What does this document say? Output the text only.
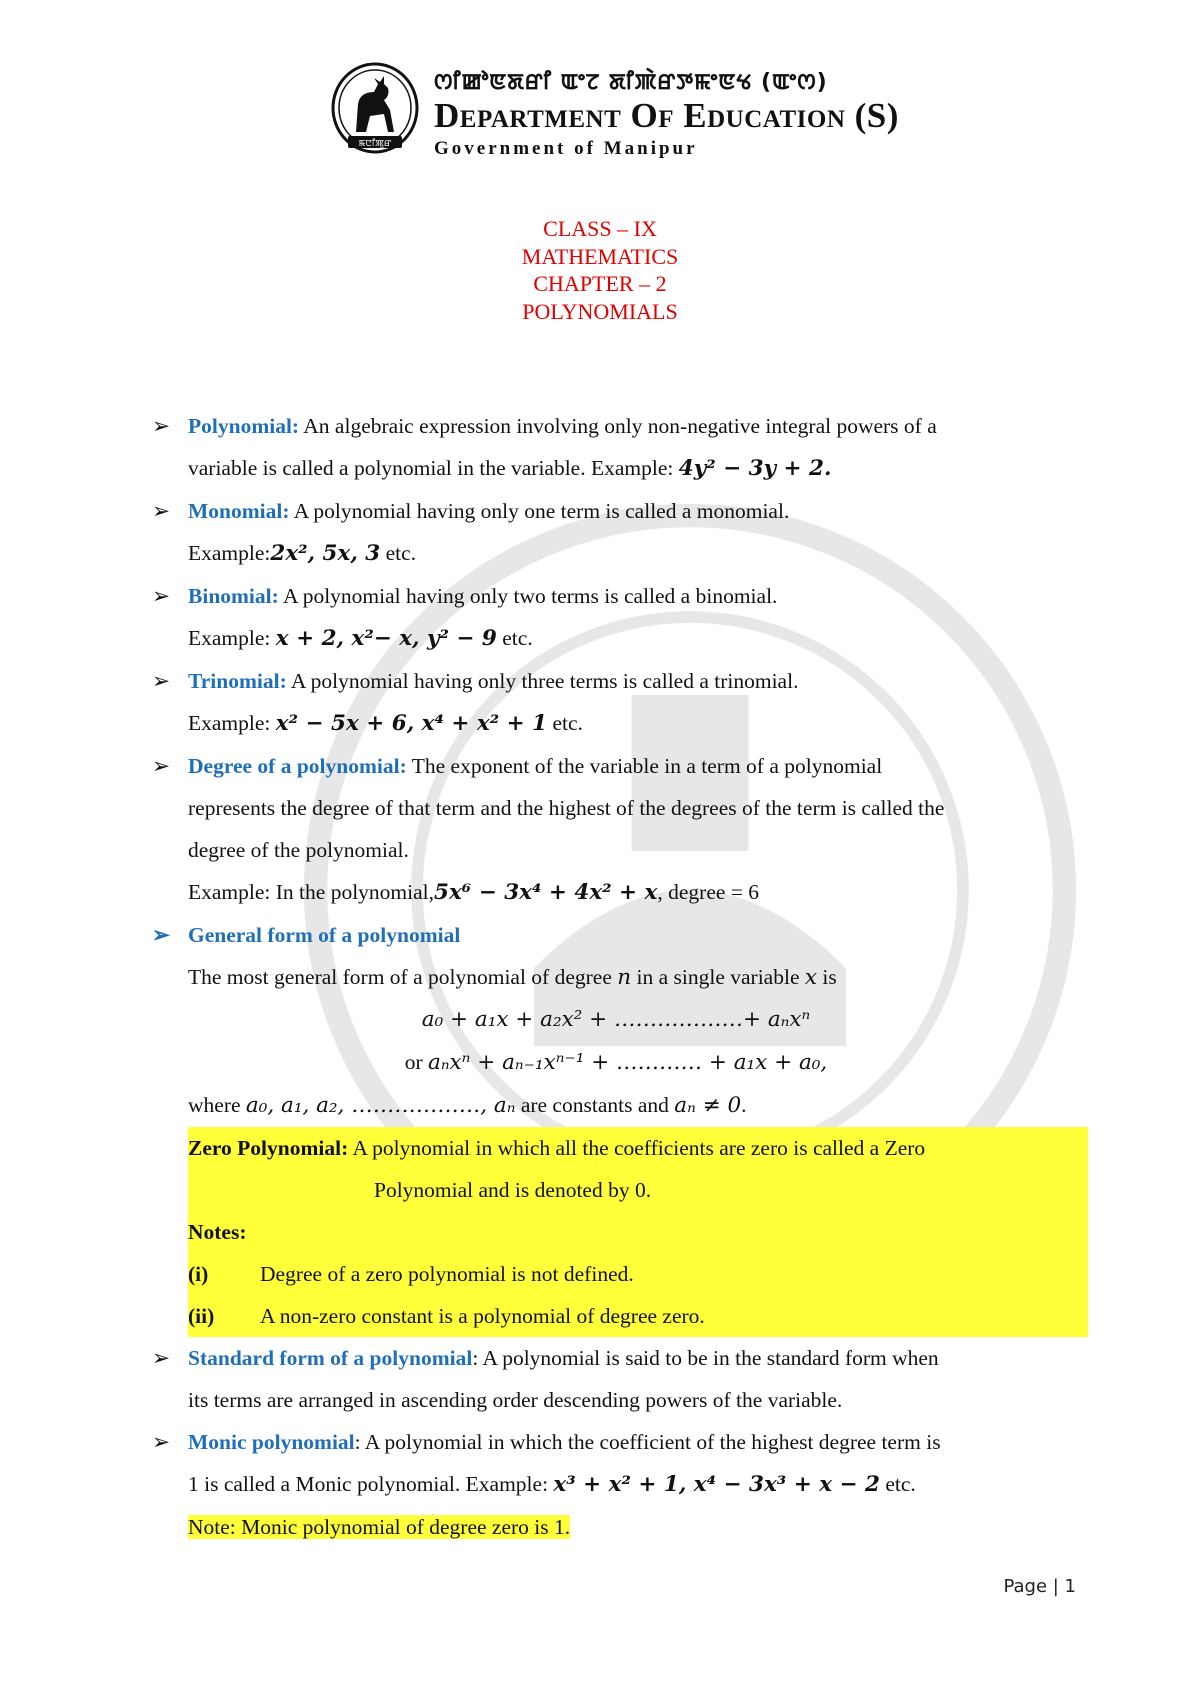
ꯃꯅꯤꯄꯨꯔ
ꯁꯤꯀꯣꯟꯗꯔꯤ ꯑꯦꯖ ꯗꯤꯄꯥꯔꯇꯃꯦꯟꯠ (ꯑꯦꯁ)
Department Of Education (S)
Government of Manipur
CLASS – IX
MATHEMATICS
CHAPTER – 2
POLYNOMIALS
➢ Polynomial: An algebraic expression involving only non-negative integral powers of a
variable is called a polynomial in the variable. Example: 4y² − 3y + 2.
➢ Monomial: A polynomial having only one term is called a monomial.
Example:2x², 5x, 3 etc.
➢ Binomial: A polynomial having only two terms is called a binomial.
Example: x + 2, x²− x, y² − 9 etc.
➢ Trinomial: A polynomial having only three terms is called a trinomial.
Example: x² − 5x + 6, x⁴ + x² + 1 etc.
➢ Degree of a polynomial: The exponent of the variable in a term of a polynomial
represents the degree of that term and the highest of the degrees of the term is called the
degree of the polynomial.
Example: In the polynomial,5x⁶ − 3x⁴ + 4x² + x, degree = 6
➢ General form of a polynomial
The most general form of a polynomial of degree n in a single variable x is
a₀ + a₁x + a₂x² + ………………+ aₙxⁿ
or aₙxⁿ + aₙ₋₁xⁿ⁻¹ + ………… + a₁x + a₀,
where a₀, a₁, a₂, ………………, aₙ are constants and aₙ ≠ 0.
Zero Polynomial: A polynomial in which all the coefficients are zero is called a Zero
Polynomial and is denoted by 0.
Notes:
(i) Degree of a zero polynomial is not defined.
(ii) A non-zero constant is a polynomial of degree zero.
➢ Standard form of a polynomial: A polynomial is said to be in the standard form when
its terms are arranged in ascending order descending powers of the variable.
➢ Monic polynomial: A polynomial in which the coefficient of the highest degree term is
1 is called a Monic polynomial. Example: x³ + x² + 1, x⁴ − 3x³ + x − 2 etc.
Note: Monic polynomial of degree zero is 1.
Page | 1
